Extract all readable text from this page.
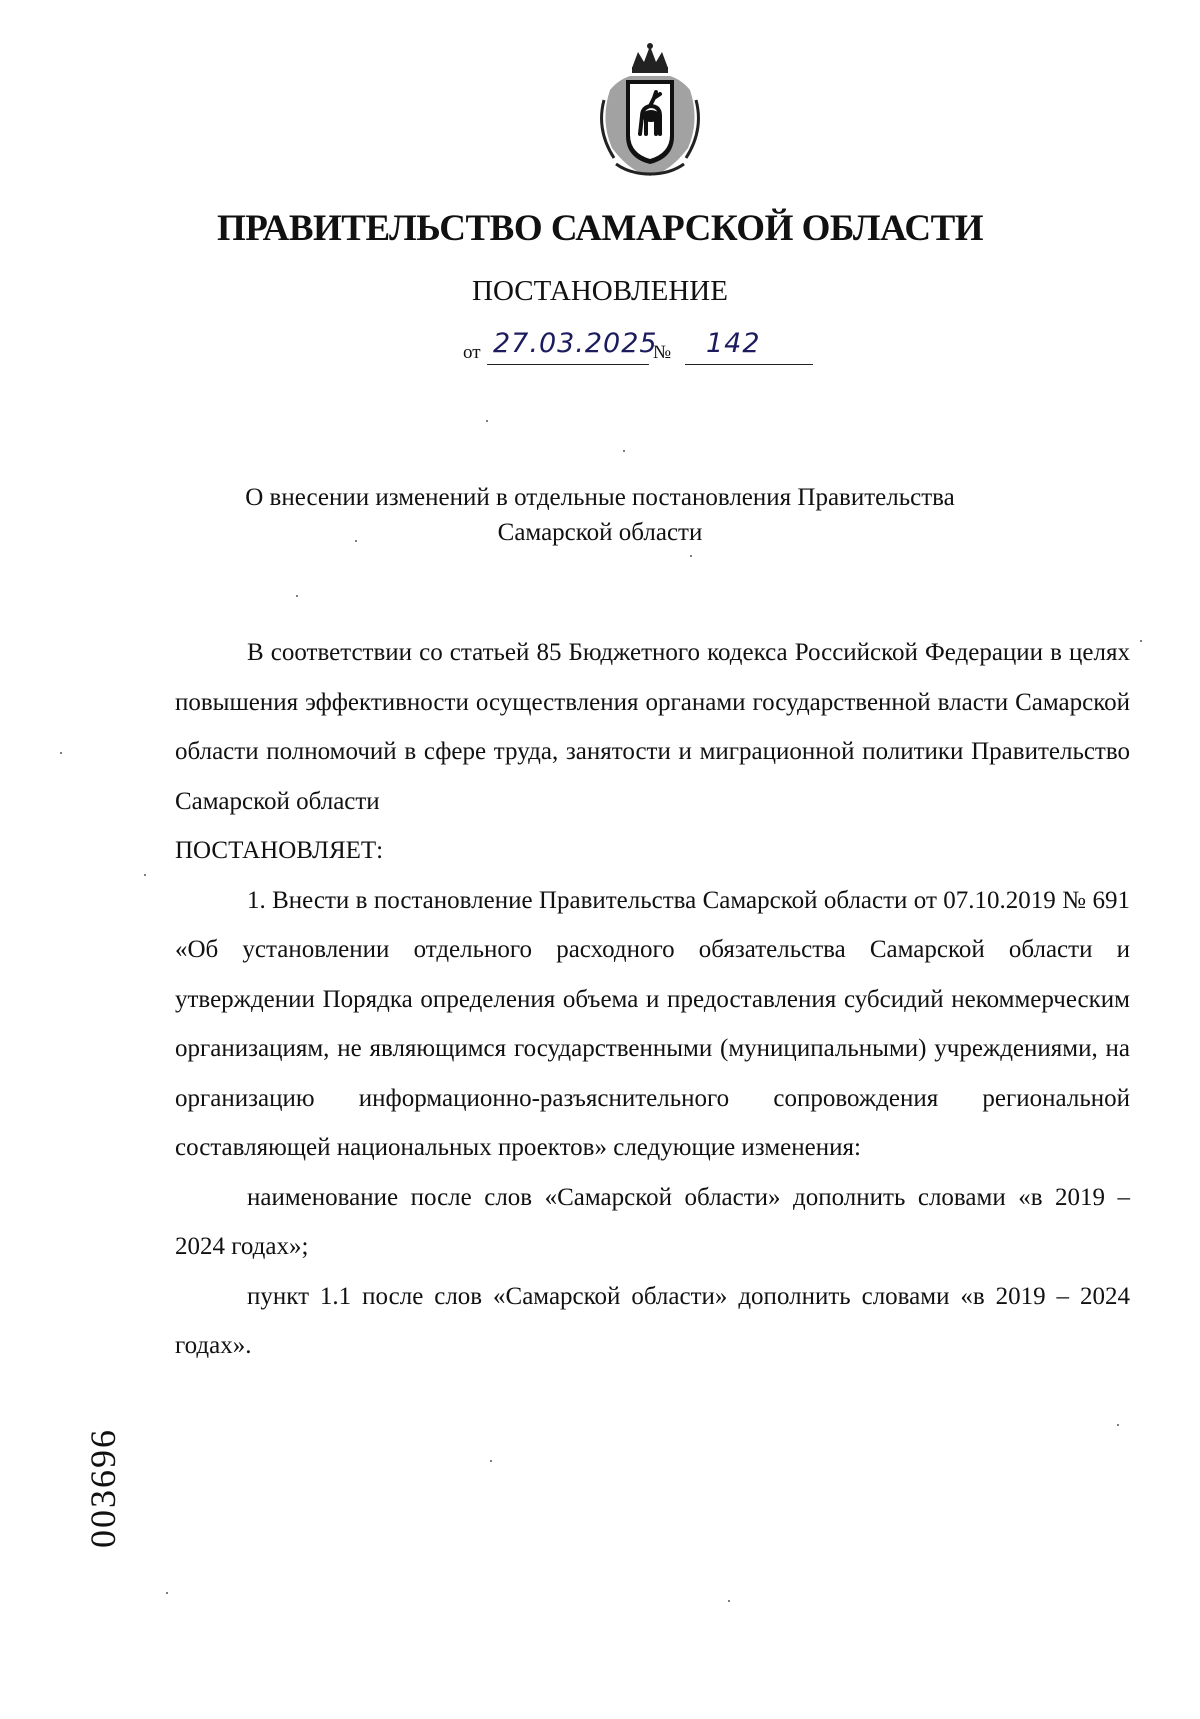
ПРАВИТЕЛЬСТВО САМАРСКОЙ ОБЛАСТИ
ПОСТАНОВЛЕНИЕ
от 27.03.2025
№ 142
О внесении изменений в отдельные постановления Правительства
Самарской области

В соответствии со статьей 85 Бюджетного кодекса Российской Федерации в целях повышения эффективности осуществления органами государственной власти Самарской области полномочий в сфере труда, занятости и миграционной политики Правительство Самарской области

ПОСТАНОВЛЯЕТ:

1. Внести в постановление Правительства Самарской области от 07.10.2019 № 691 «Об установлении отдельного расходного обязательства Самарской области и утверждении Порядка определения объема и предоставления субсидий некоммерческим организациям, не являющимся государственными (муниципальными) учреждениями, на организацию информационно-разъяснительного сопровождения региональной составляющей национальных проектов» следующие изменения:

наименование после слов «Самарской области» дополнить словами «в 2019 – 2024 годах»;

пункт 1.1 после слов «Самарской области» дополнить словами «в 2019 – 2024 годах».

003696
